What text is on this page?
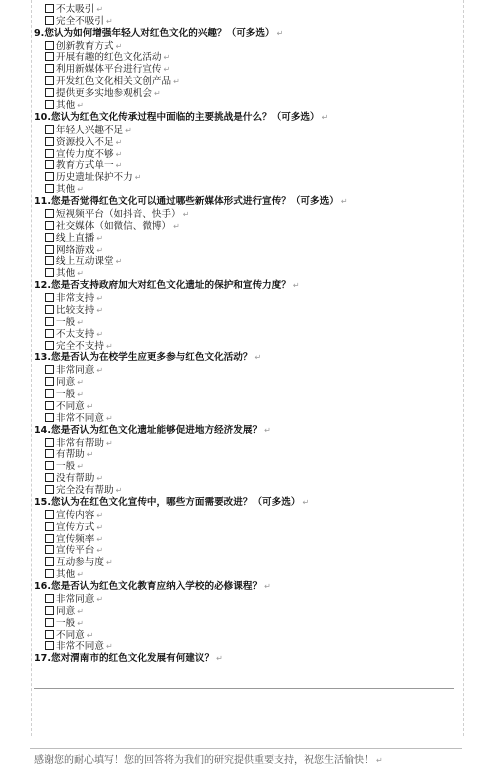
不太吸引 ↵
完全不吸引 ↵
9.您认为如何增强年轻人对红色文化的兴趣？（可多选） ↵
创新教育方式 ↵
开展有趣的红色文化活动 ↵
利用新媒体平台进行宣传 ↵
开发红色文化相关文创产品 ↵
提供更多实地参观机会 ↵
其他 ↵
10.您认为红色文化传承过程中面临的主要挑战是什么？（可多选） ↵
年轻人兴趣不足 ↵
资源投入不足 ↵
宣传力度不够 ↵
教育方式单一 ↵
历史遗址保护不力 ↵
其他 ↵
11.您是否觉得红色文化可以通过哪些新媒体形式进行宣传？（可多选） ↵
短视频平台（如抖音、快手） ↵
社交媒体（如微信、微博） ↵
线上直播 ↵
网络游戏 ↵
线上互动课堂 ↵
其他 ↵
12.您是否支持政府加大对红色文化遗址的保护和宣传力度？ ↵
非常支持 ↵
比较支持 ↵
一般 ↵
不太支持 ↵
完全不支持 ↵
13.您是否认为在校学生应更多参与红色文化活动？ ↵
非常同意 ↵
同意 ↵
一般 ↵
不同意 ↵
非常不同意 ↵
14.您是否认为红色文化遗址能够促进地方经济发展？ ↵
非常有帮助 ↵
有帮助 ↵
一般 ↵
没有帮助 ↵
完全没有帮助 ↵
15.您认为在红色文化宣传中，哪些方面需要改进？（可多选） ↵
宣传内容 ↵
宣传方式 ↵
宣传频率 ↵
宣传平台 ↵
互动参与度 ↵
其他 ↵
16.您是否认为红色文化教育应纳入学校的必修课程？ ↵
非常同意 ↵
同意 ↵
一般 ↵
不同意 ↵
非常不同意 ↵
17.您对渭南市的红色文化发展有何建议？ ↵
感谢您的耐心填写！您的回答将为我们的研究提供重要支持，祝您生活愉快！ ↵
